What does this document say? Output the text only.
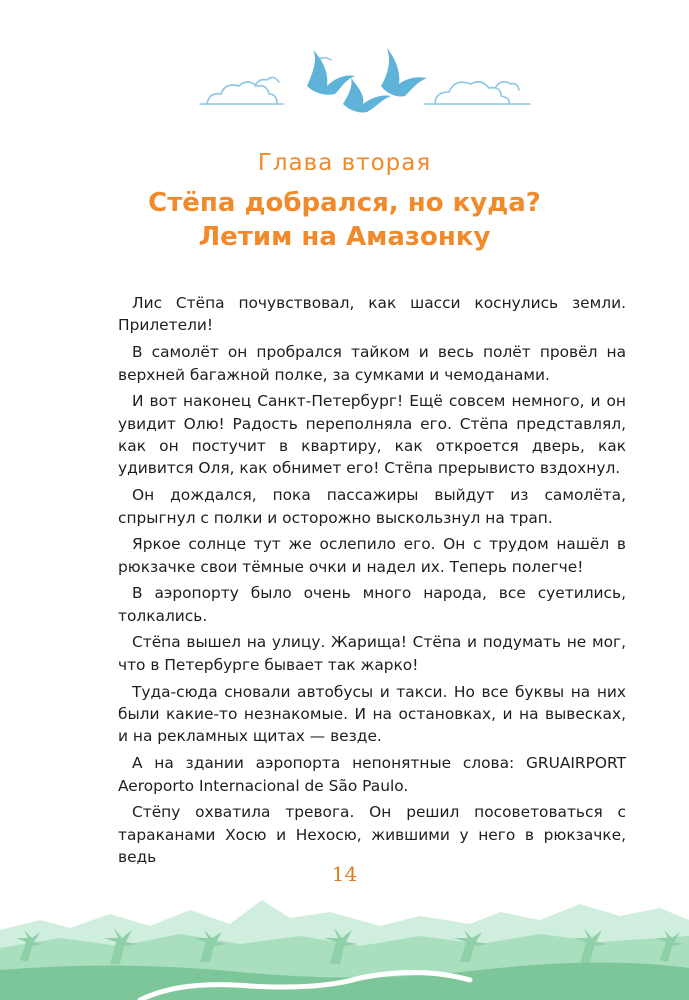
Глава вторая
Стёпа добрался, но куда?
Летим на Амазонку

Лис Стёпа почувствовал, как шасси коснулись земли. Прилетели!

В самолёт он пробрался тайком и весь полёт провёл на верхней багажной полке, за сумками и чемоданами.

И вот наконец Санкт-Петербург! Ещё совсем немного, и он увидит Олю! Радость переполняла его. Стёпа представлял, как он постучит в квартиру, как откроется дверь, как удивится Оля, как обнимет его! Стёпа прерывисто вздохнул.

Он дождался, пока пассажиры выйдут из самолёта, спрыгнул с полки и осторожно выскользнул на трап.

Яркое солнце тут же ослепило его. Он с трудом нашёл в рюкзачке свои тёмные очки и надел их. Теперь полегче!

В аэропорту было очень много народа, все суетились, толкались.

Стёпа вышел на улицу. Жарища! Стёпа и подумать не мог, что в Петербурге бывает так жарко!

Туда-сюда сновали автобусы и такси. Но все буквы на них были какие-то незнакомые. И на остановках, и на вывесках, и на рекламных щитах — везде.

А на здании аэропорта непонятные слова: GRUAIRPORT Aeroporto Internacional de São Paulo.

Стёпу охватила тревога. Он решил посоветоваться с тараканами Хосю и Нехосю, жившими у него в рюкзачке, ведь

14
